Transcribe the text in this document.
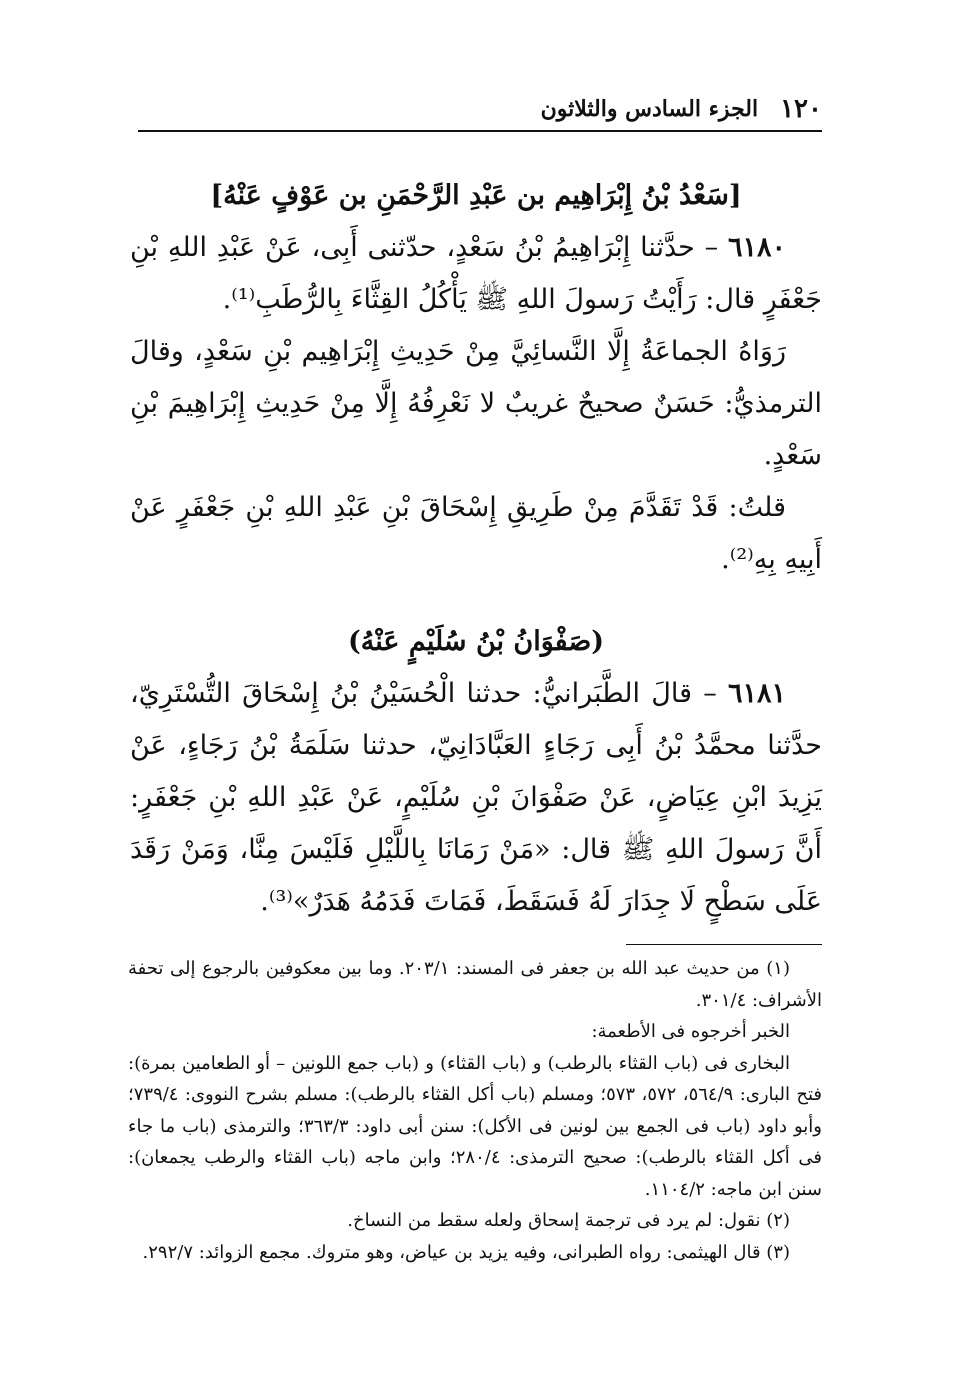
١٢٠
الجزء السادس والثلاثون

[سَعْدُ بْنُ إِبْرَاهِيم بن عَبْدِ الرَّحْمَنِ بن عَوْفٍ عَنْهُ]

٦١٨٠ – حدَّثنا إِبْرَاهِيمُ بْنُ سَعْدٍ، حدّثنى أَبِى، عَنْ عَبْدِ اللهِ بْنِ جَعْفَرٍ قال: رَأَيْتُ رَسولَ اللهِ ﷺ يَأْكُلُ القِثَّاءَ بِالرُّطَبِ⁽¹⁾.

رَوَاهُ الجماعَةُ إِلَّا النَّسائِيَّ مِنْ حَدِيثِ إِبْرَاهِيم بْنِ سَعْدٍ، وقالَ الترمذيُّ: حَسَنٌ صحيحٌ غريبٌ لا نَعْرِفُهُ إِلَّا مِنْ حَدِيثِ إِبْرَاهِيمَ بْنِ سَعْدٍ.

قلتُ: قَدْ تَقَدَّمَ مِنْ طَرِيقِ إِسْحَاقَ بْنِ عَبْدِ اللهِ بْنِ جَعْفَرٍ عَنْ أَبِيهِ بِهِ⁽²⁾.

(صَفْوَانُ بْنُ سُلَيْمٍ عَنْهُ)

٦١٨١ – قالَ الطَّبَرانيُّ: حدثنا الْحُسَيْنُ بْنُ إِسْحَاقَ التُّسْتَرِيّ، حدَّثنا محمَّدُ بْنُ أَبِى رَجَاءٍ العَبَّادَانِيّ، حدثنا سَلَمَةُ بْنُ رَجَاءٍ، عَنْ يَزِيدَ ابْنِ عِيَاضٍ، عَنْ صَفْوَانَ بْنِ سُلَيْمٍ، عَنْ عَبْدِ اللهِ بْنِ جَعْفَرٍ: أَنَّ رَسولَ اللهِ ﷺ قال: «مَنْ رَمَانَا بِاللَّيْلِ فَلَيْسَ مِنَّا، وَمَنْ رَقَدَ عَلَى سَطْحٍ لَا جِدَارَ لَهُ فَسَقَطَ، فَمَاتَ فَدَمُهُ هَدَرٌ»⁽³⁾.

(١) من حديث عبد الله بن جعفر فى المسند: ٢٠٣/١. وما بين معكوفين بالرجوع إلى تحفة الأشراف: ٣٠١/٤.

الخبر أخرجوه فى الأطعمة:

البخارى فى (باب القثاء بالرطب) و (باب القثاء) و (باب جمع اللونين – أو الطعامين بمرة): فتح البارى: ٥٦٤/٩، ٥٧٢، ٥٧٣؛ ومسلم (باب أكل القثاء بالرطب): مسلم بشرح النووى: ٧٣٩/٤؛ وأبو داود (باب فى الجمع بين لونين فى الأكل): سنن أبى داود: ٣٦٣/٣؛ والترمذى (باب ما جاء فى أكل القثاء بالرطب): صحيح الترمذى: ٢٨٠/٤؛ وابن ماجه (باب القثاء والرطب يجمعان): سنن ابن ماجه: ١١٠٤/٢.

(٢) نقول: لم يرد فى ترجمة إسحاق ولعله سقط من النساخ.

(٣) قال الهيثمى: رواه الطبرانى، وفيه يزيد بن عياض، وهو متروك. مجمع الزوائد: ٢٩٢/٧.
